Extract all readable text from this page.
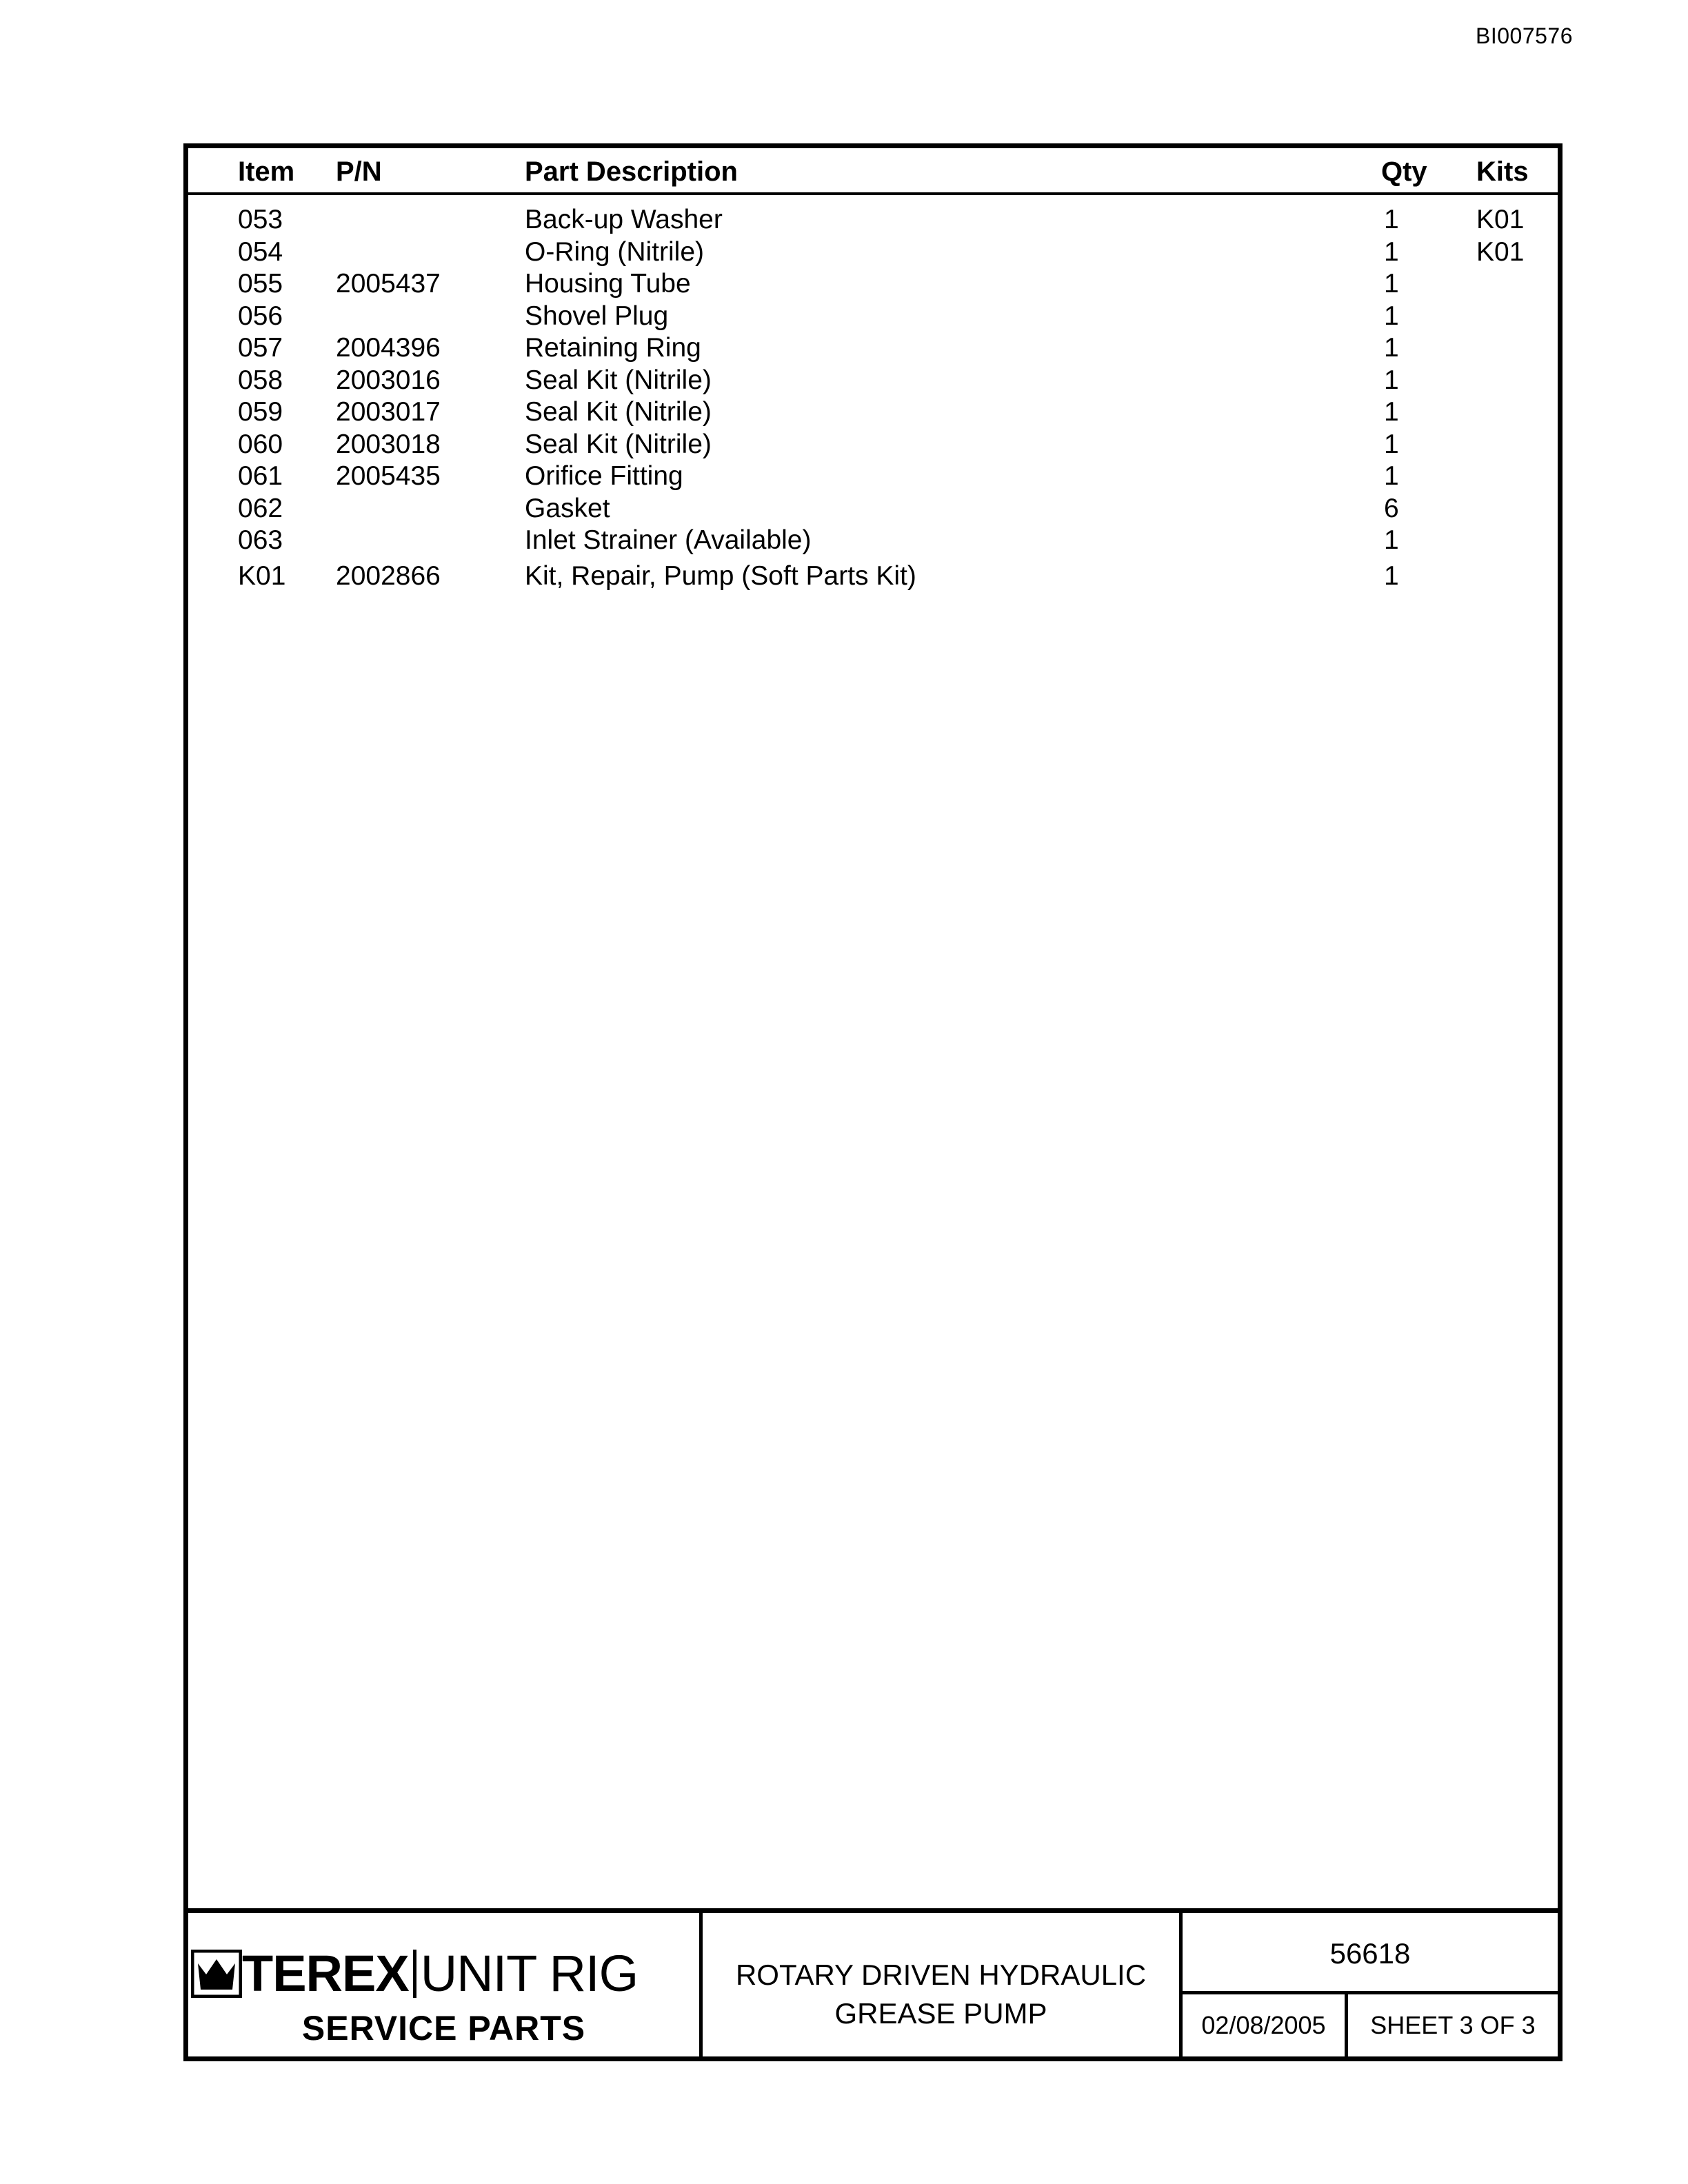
BI007576
Item P/N	Part Description	Qty Kits
053	Back-up Washer	1	K01
054	O-Ring (Nitrile)	1	K01
055 2005437	Housing Tube	1
056	Shovel Plug	1
057 2004396	Retaining Ring	1
058 2003016	Seal Kit (Nitrile)	1
059 2003017	Seal Kit (Nitrile)	1
060 2003018	Seal Kit (Nitrile)	1
061 2005435	Orifice Fitting	1
062	Gasket	6
063	Inlet Strainer (Available)	1
K01 2002866	Kit, Repair, Pump (Soft Parts Kit)	1
TEREX UNIT RIG
SERVICE PARTS
ROTARY DRIVEN HYDRAULIC
GREASE PUMP
56618
02/08/2005	SHEET 3 OF 3
